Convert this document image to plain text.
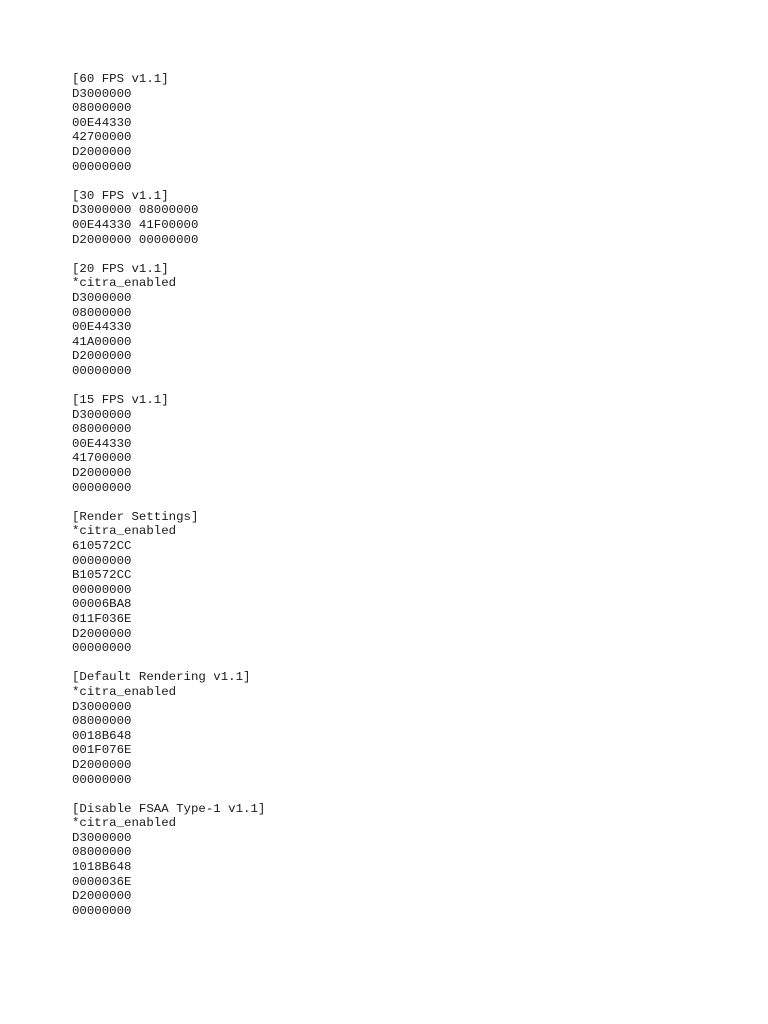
[60 FPS v1.1]
D3000000
08000000
00E44330
42700000
D2000000
00000000
[30 FPS v1.1]
D3000000 08000000
00E44330 41F00000
D2000000 00000000
[20 FPS v1.1]
*citra_enabled
D3000000
08000000
00E44330
41A00000
D2000000
00000000
[15 FPS v1.1]
D3000000
08000000
00E44330
41700000
D2000000
00000000
[Render Settings]
*citra_enabled
610572CC
00000000
B10572CC
00000000
00006BA8
011F036E
D2000000
00000000
[Default Rendering v1.1]
*citra_enabled
D3000000
08000000
0018B648
001F076E
D2000000
00000000
[Disable FSAA Type-1 v1.1]
*citra_enabled
D3000000
08000000
1018B648
0000036E
D2000000
00000000
